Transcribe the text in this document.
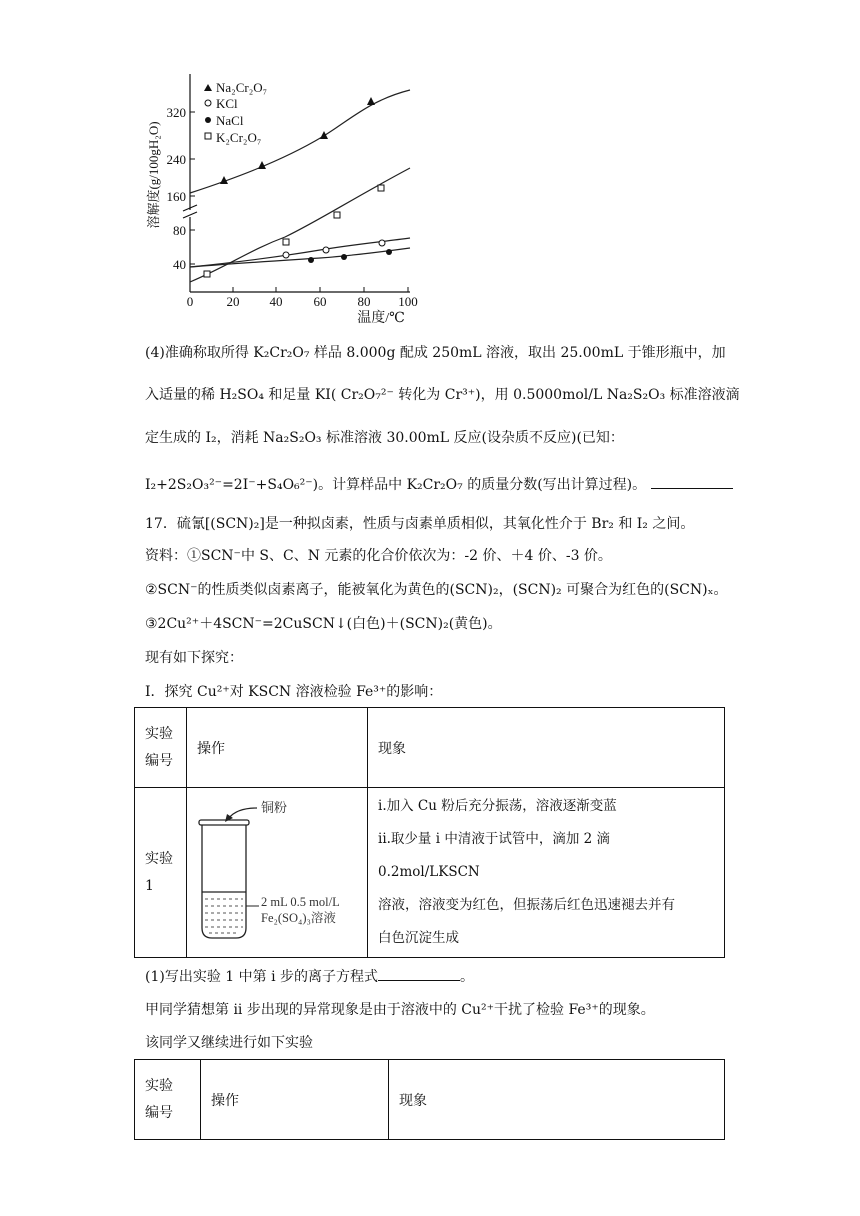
40
80
160
240
320
0	20 40 60 80 100
温度/℃
溶解度(g/100gH₂O)
Na₂Cr₂O₇
KCl
NaCl
K₂Cr₂O₇
(4)准确称取所得 K₂Cr₂O₇ 样品 8.000g 配成 250mL 溶液，取出 25.00mL 于锥形瓶中，加
入适量的稀 H₂SO₄ 和足量 KI( Cr₂O₇²⁻ 转化为 Cr³⁺)，用 0.5000mol/L Na₂S₂O₃ 标准溶液滴
定生成的 I₂，消耗 Na₂S₂O₃ 标准溶液 30.00mL 反应(设杂质不反应)(已知：
I₂+2S₂O₃²⁻=2I⁻+S₄O₆²⁻)。计算样品中 K₂Cr₂O₇ 的质量分数(写出计算过程)。
17．硫氰[(SCN)₂]是一种拟卤素，性质与卤素单质相似，其氧化性介于 Br₂ 和 I₂ 之间。
资料：①SCN⁻中 S、C、N 元素的化合价依次为：-2 价、＋4 价、-3 价。
②SCN⁻的性质类似卤素离子，能被氧化为黄色的(SCN)₂，(SCN)₂ 可聚合为红色的(SCN)ₓ。
③2Cu²⁺＋4SCN⁻=2CuSCN↓(白色)＋(SCN)₂(黄色)。
现有如下探究：
I．探究 Cu²⁺对 KSCN 溶液检验 Fe³⁺的影响：
实验
编号	操作	现象

实验
1	铜粉
2 mL 0.5 mol/L
Fe₂(SO₄)₃溶液	i.加入 Cu 粉后充分振荡，溶液逐渐变蓝
ii.取少量 i 中清液于试管中，滴加 2 滴 0.2mol/LKSCN
溶液，溶液变为红色，但振荡后红色迅速褪去并有
白色沉淀生成
(1)写出实验 1 中第 i 步的离子方程式	。
甲同学猜想第 ii 步出现的异常现象是由于溶液中的 Cu²⁺干扰了检验 Fe³⁺的现象。
该同学又继续进行如下实验
实验
编号
	操作	现象
